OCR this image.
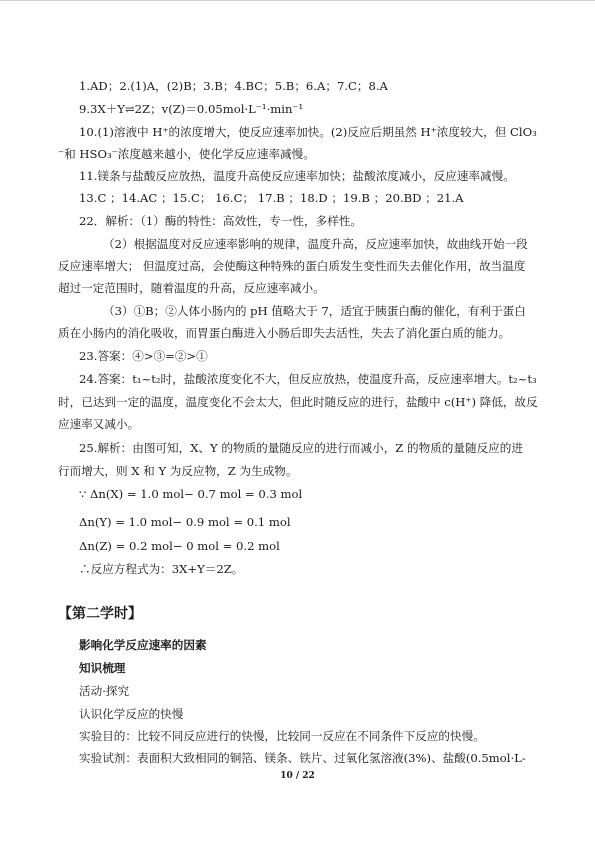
1.AD；2.(1)A，(2)B；3.B；4.BC；5.B；6.A；7.C；8.A
9.3X＋Y⇌2Z；v(Z)＝0.05mol·L⁻¹·min⁻¹
10.(1)溶液中 H⁺的浓度增大，使反应速率加快。(2)反应后期虽然 H⁺浓度较大，但 ClO₃
⁻和 HSO₃⁻浓度越来越小，使化学反应速率减慢。
11.镁条与盐酸反应放热，温度升高使反应速率加快；盐酸浓度减小，反应速率减慢。
13.C ；14.AC ；15.C； 16.C； 17.B ；18.D ；19.B ；20.BD ；21.A
22．解析：（1）酶的特性：高效性，专一性，多样性。
（2）根据温度对反应速率影响的规律，温度升高，反应速率加快，故曲线开始一段
反应速率增大； 但温度过高，会使酶这种特殊的蛋白质发生变性而失去催化作用，故当温度
超过一定范围时，随着温度的升高，反应速率减小。
（3）①B；②人体小肠内的 pH 值略大于 7，适宜于胰蛋白酶的催化，有利于蛋白
质在小肠内的消化吸收，而胃蛋白酶进入小肠后即失去活性，失去了消化蛋白质的能力。
23.答案：④>③=②>①
24.答案：t₁~t₂时，盐酸浓度变化不大，但反应放热，使温度升高，反应速率增大。t₂~t₃
时，已达到一定的温度，温度变化不会太大，但此时随反应的进行，盐酸中 c(H⁺) 降低，故反
应速率又减小。
25.解析：由图可知，X、Y 的物质的量随反应的进行而减小，Z 的物质的量随反应的进
行而增大，则 X 和 Y 为反应物，Z 为生成物。
∵ Δn(X) = 1.0 mol− 0.7 mol = 0.3 mol
Δn(Y) = 1.0 mol− 0.9 mol = 0.1 mol
Δn(Z) = 0.2 mol− 0 mol = 0.2 mol
∴反应方程式为：3X+Y＝2Z。
【第二学时】
影响化学反应速率的因素
知识梳理
活动·探究
认识化学反应的快慢
实验目的：比较不同反应进行的快慢，比较同一反应在不同条件下反应的快慢。
实验试剂：表面积大致相同的铜箔、镁条、铁片、过氧化氢溶液(3%)、盐酸(0.5mol·L-
10 / 22
